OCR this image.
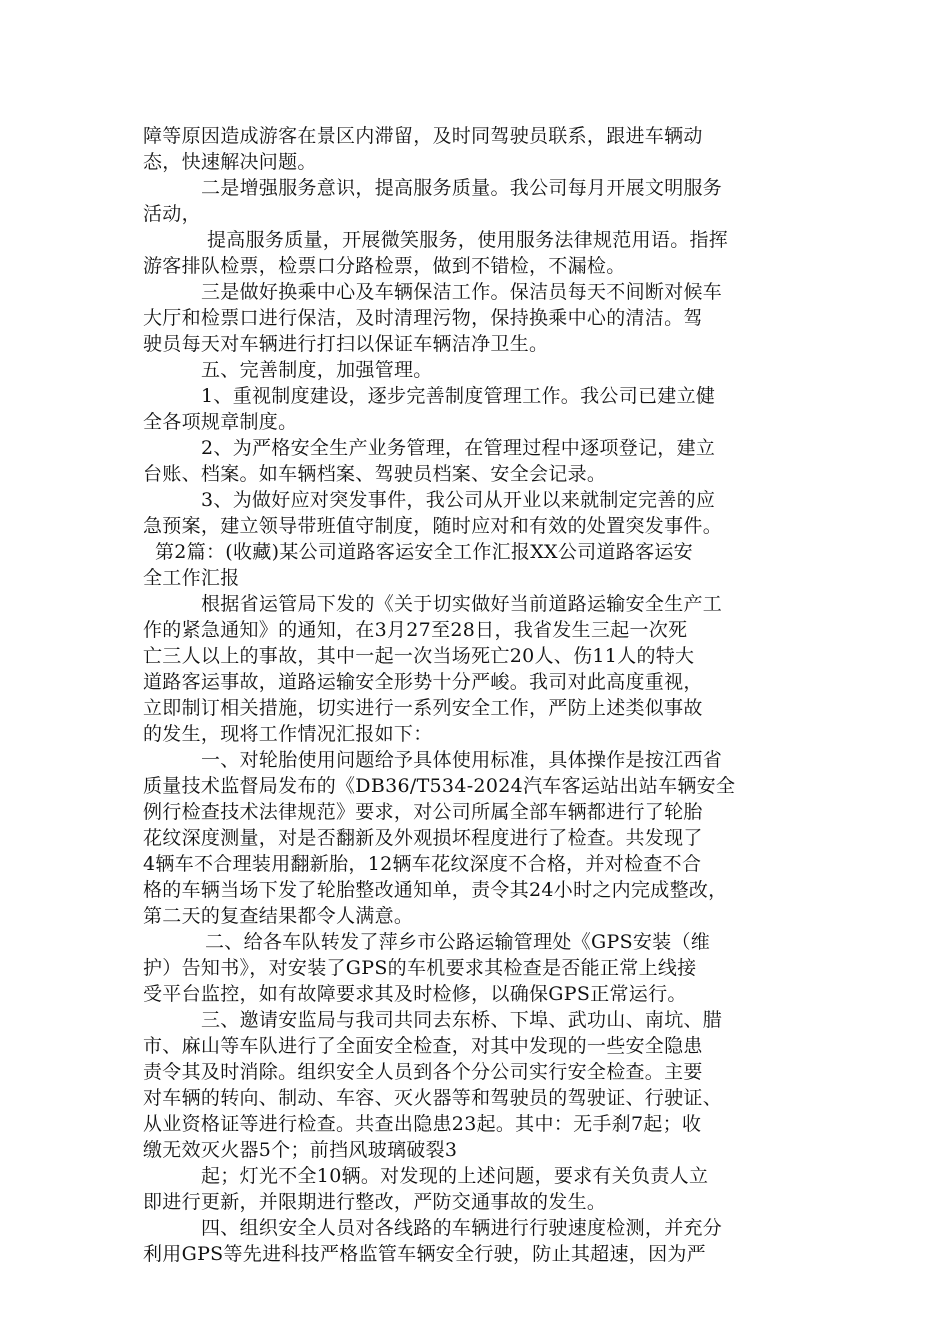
障等原因造成游客在景区内滞留，及时同驾驶员联系，跟进车辆动
态，快速解决问题。
二是增强服务意识，提高服务质量。我公司每月开展文明服务
活动，
提高服务质量，开展微笑服务，使用服务法律规范用语。指挥
游客排队检票，检票口分路检票，做到不错检，不漏检。
三是做好换乘中心及车辆保洁工作。保洁员每天不间断对候车
大厅和检票口进行保洁，及时清理污物，保持换乘中心的清洁。驾
驶员每天对车辆进行打扫以保证车辆洁净卫生。
五、完善制度，加强管理。
1、重视制度建设，逐步完善制度管理工作。我公司已建立健
全各项规章制度。
2、为严格安全生产业务管理，在管理过程中逐项登记，建立
台账、档案。如车辆档案、驾驶员档案、安全会记录。
3、为做好应对突发事件，我公司从开业以来就制定完善的应
急预案，建立领导带班值守制度，随时应对和有效的处置突发事件。
第2篇：(收藏)某公司道路客运安全工作汇报XX公司道路客运安
全工作汇报
根据省运管局下发的《关于切实做好当前道路运输安全生产工
作的紧急通知》的通知，在3月27至28日，我省发生三起一次死
亡三人以上的事故，其中一起一次当场死亡20人、伤11人的特大
道路客运事故，道路运输安全形势十分严峻。我司对此高度重视，
立即制订相关措施，切实进行一系列安全工作，严防上述类似事故
的发生，现将工作情况汇报如下：
一、对轮胎使用问题给予具体使用标准，具体操作是按江西省
质量技术监督局发布的《DB36/T534-2024汽车客运站出站车辆安全
例行检查技术法律规范》要求，对公司所属全部车辆都进行了轮胎
花纹深度测量，对是否翻新及外观损坏程度进行了检查。共发现了
4辆车不合理装用翻新胎，12辆车花纹深度不合格，并对检查不合
格的车辆当场下发了轮胎整改通知单，责令其24小时之内完成整改，
第二天的复查结果都令人满意。
二、给各车队转发了萍乡市公路运输管理处《GPS安装（维
护）告知书》，对安装了GPS的车机要求其检查是否能正常上线接
受平台监控，如有故障要求其及时检修，以确保GPS正常运行。
三、邀请安监局与我司共同去东桥、下埠、武功山、南坑、腊
市、麻山等车队进行了全面安全检查，对其中发现的一些安全隐患
责令其及时消除。组织安全人员到各个分公司实行安全检查。主要
对车辆的转向、制动、车容、灭火器等和驾驶员的驾驶证、行驶证、
从业资格证等进行检查。共查出隐患23起。其中：无手刹7起；收
缴无效灭火器5个；前挡风玻璃破裂3
起；灯光不全10辆。对发现的上述问题，要求有关负责人立
即进行更新，并限期进行整改，严防交通事故的发生。
四、组织安全人员对各线路的车辆进行行驶速度检测，并充分
利用GPS等先进科技严格监管车辆安全行驶，防止其超速，因为严
